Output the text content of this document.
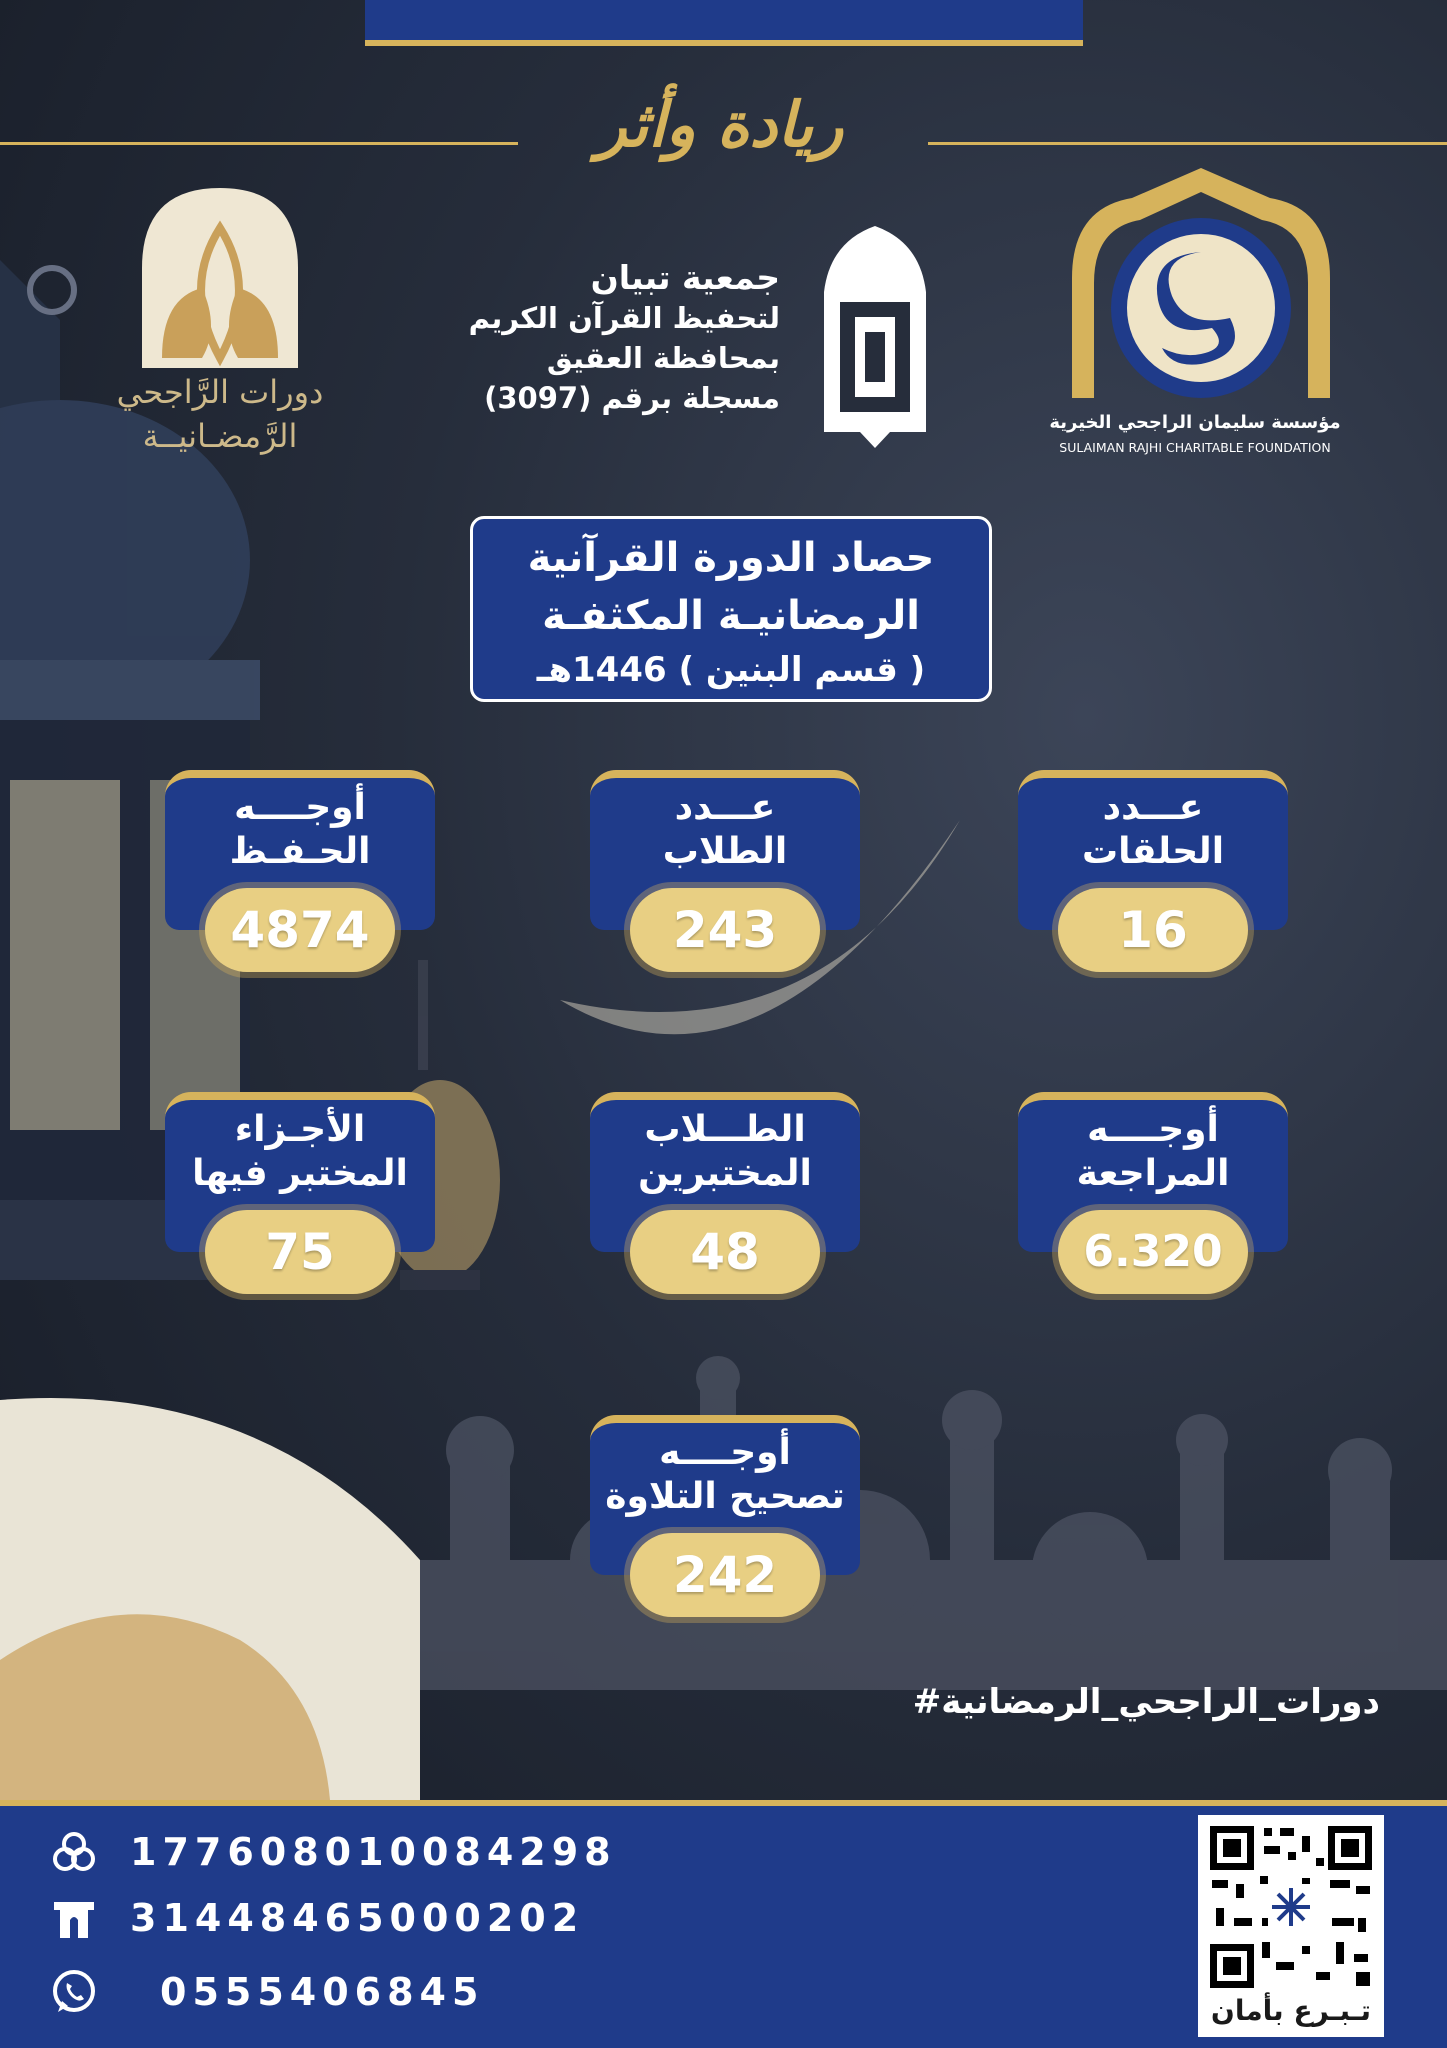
ريادة وأثر
دورات الرَّاجحي
الرَّمضـانيــة
جمعية تبيان
لتحفيظ القرآن الكريم
بمحافظة العقيق
مسجلة برقم (3097)
مؤسسة سليمان الراجحي الخيرية
SULAIMAN RAJHI CHARITABLE FOUNDATION
حصاد الدورة القرآنية
الرمضانيـة المكثفـة
( قسم البنين ) 1446هـ
عـــدد
الحلقات
16
عـــدد
الطلاب
243
أوجــــه
الحـفـظ
4874
أوجــــه
المراجعة
6.320
الطـــلاب
المختبرين
48
الأجـزاء
المختبر فيها
75
أوجــــه
تصحيح التلاوة
242
#دورات_الراجحي_الرمضانية
177608010084298
31448465000202
0555406845	تـبـرع بأمان
